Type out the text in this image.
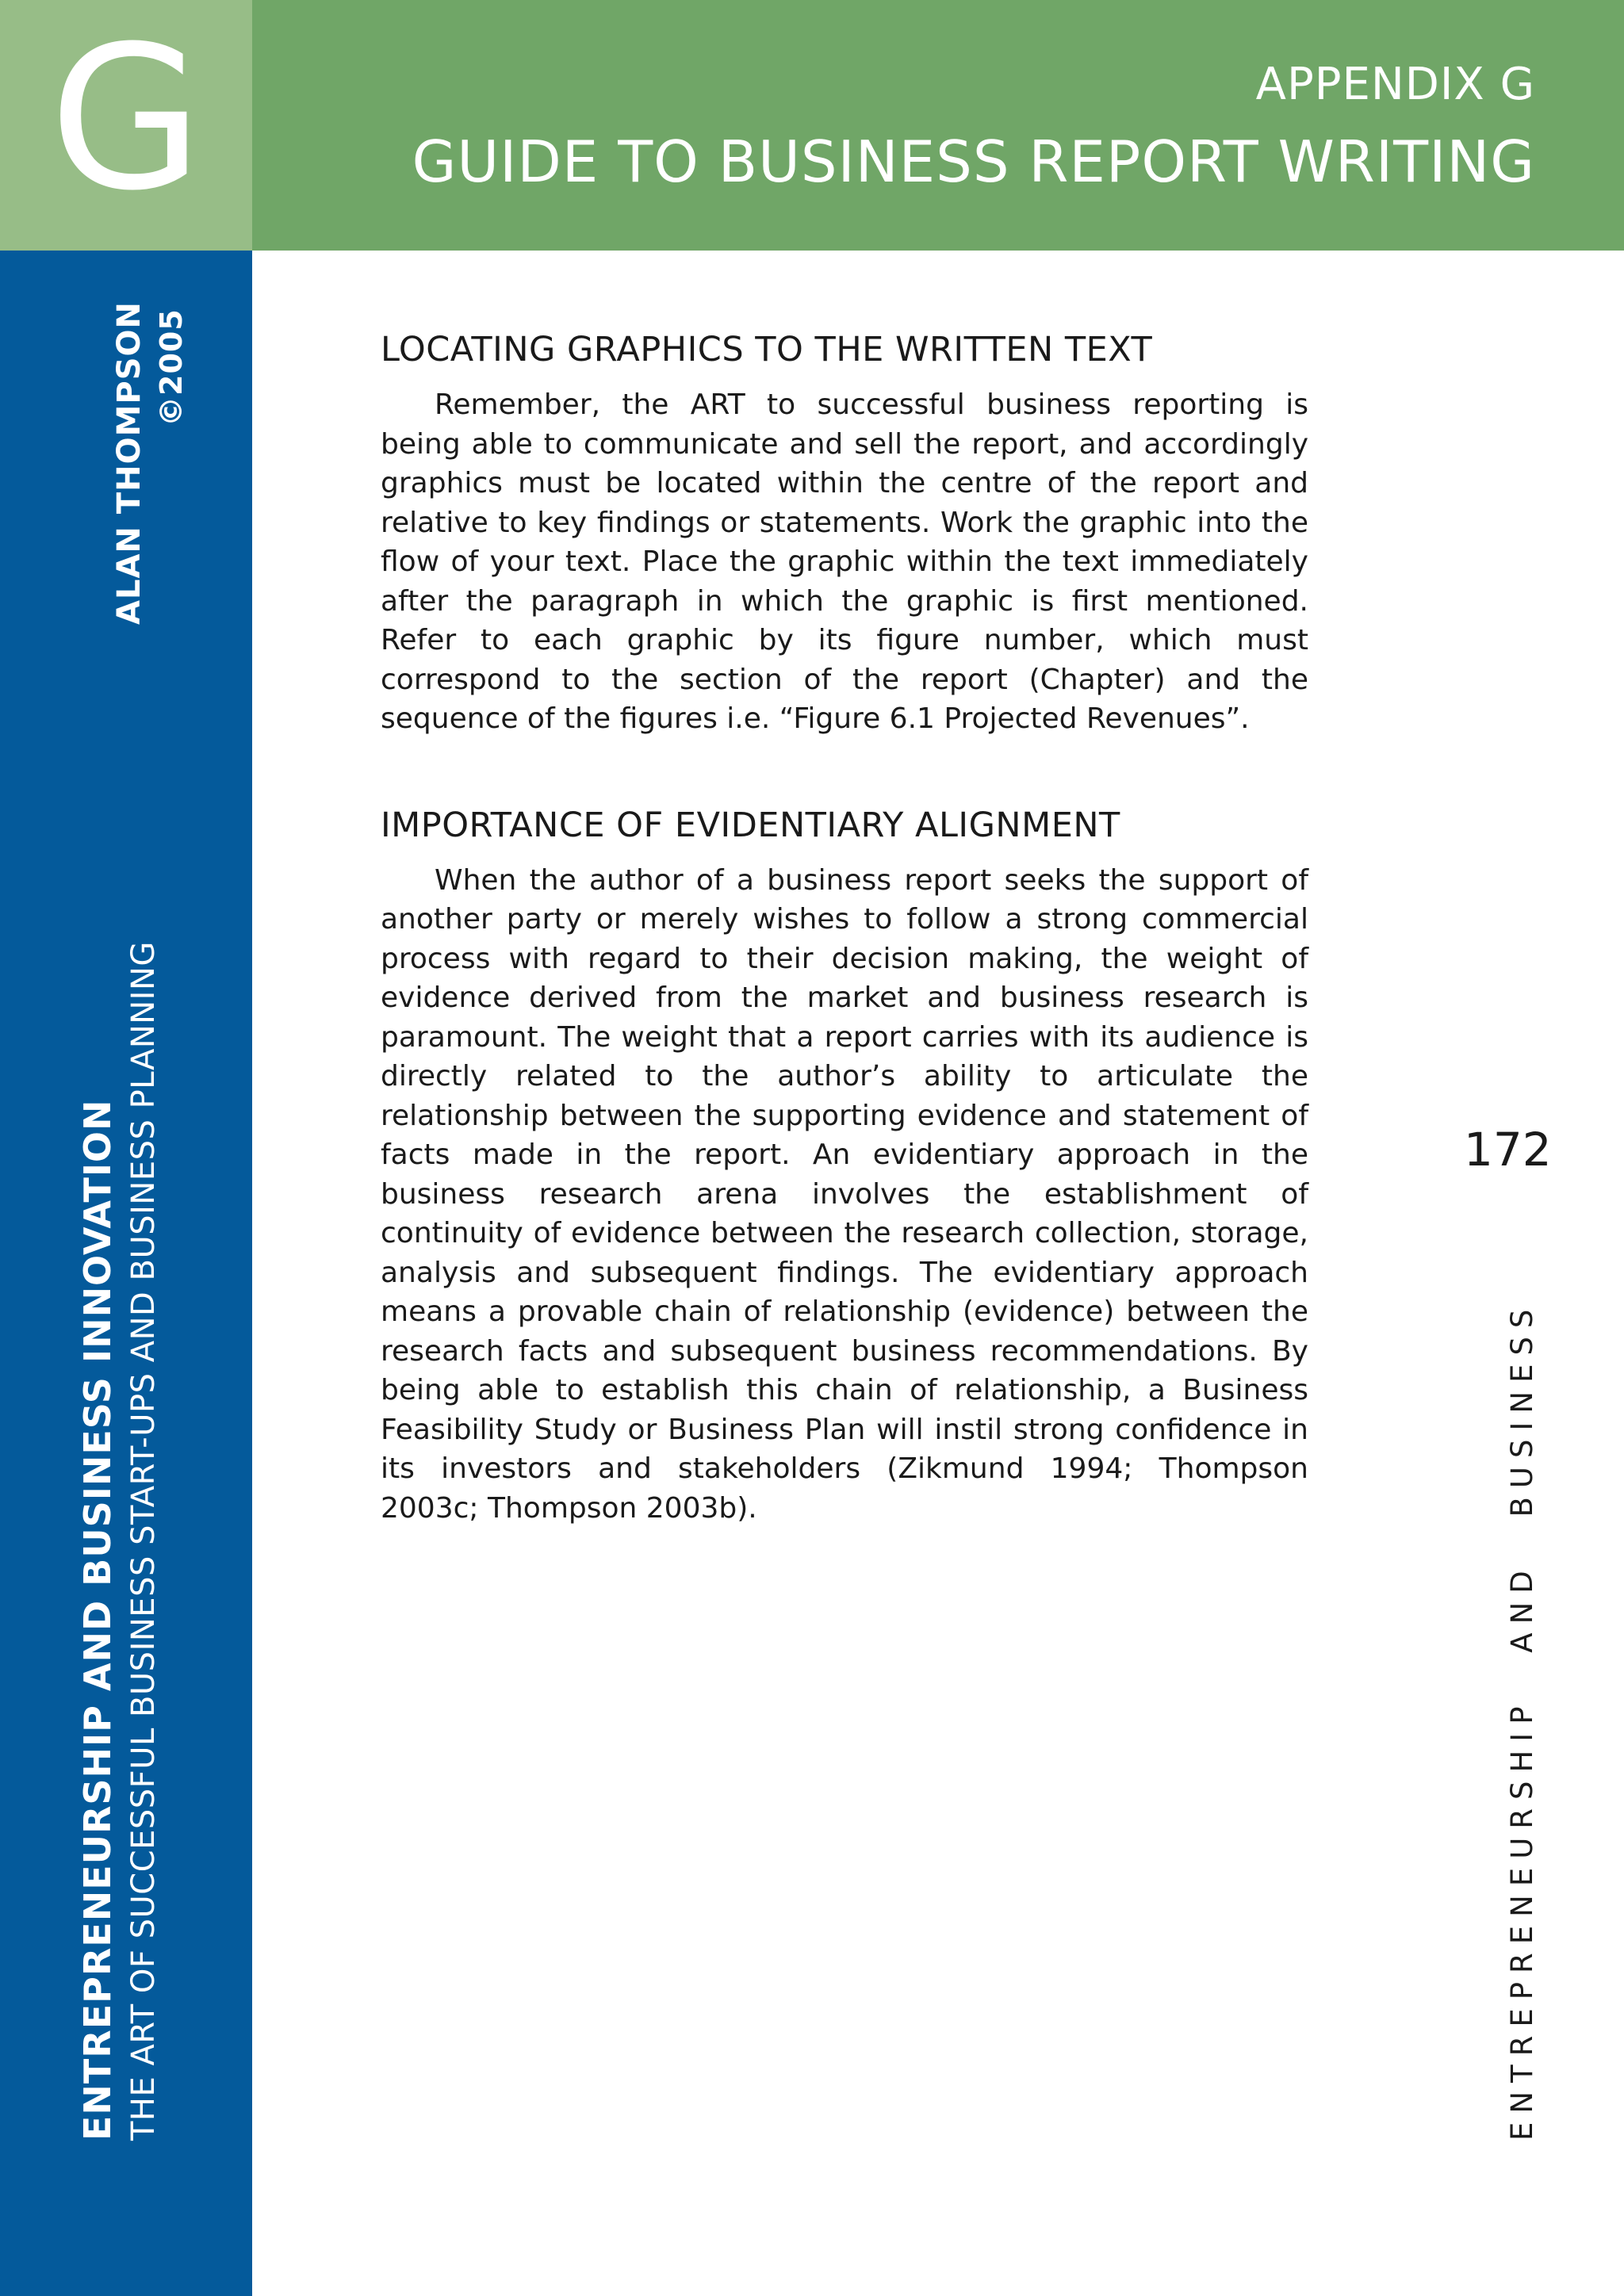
G	APPENDIX G
GUIDE TO BUSINESS REPORT WRITING
ALAN THOMPSON ©2005
ENTREPRENEURSHIP AND BUSINESS INNOVATION THE ART OF SUCCESSFUL BUSINESS START-UPS AND BUSINESS PLANNING
LOCATING GRAPHICS TO THE WRITTEN TEXT

Remember, the ART to successful business reporting is being able to communicate and sell the report, and accordingly graphics must be located within the centre of the report and relative to key findings or statements. Work the graphic into the flow of your text. Place the graphic within the text immediately after the paragraph in which the graphic is first mentioned. Refer to each graphic by its figure number, which must correspond to the section of the report (Chapter) and the sequence of the figures i.e. “Figure 6.1 Projected Revenues”.

IMPORTANCE OF EVIDENTIARY ALIGNMENT

When the author of a business report seeks the support of another party or merely wishes to follow a strong commercial process with regard to their decision making, the weight of evidence derived from the market and business research is paramount. The weight that a report carries with its audience is directly related to the author’s ability to articulate the relationship between the supporting evidence and statement of facts made in the report. An evidentiary approach in the business research arena involves the establishment of continuity of evidence between the research collection, storage, analysis and subsequent findings. The evidentiary approach means a provable chain of relationship (evidence) between the research facts and subsequent business recommendations. By being able to establish this chain of relationship, a Business Feasibility Study or Business Plan will instil strong confidence in its investors and stakeholders (Zikmund 1994; Thompson 2003c; Thompson 2003b).

172
ENTREPRENEURSHIP AND BUSINESS
